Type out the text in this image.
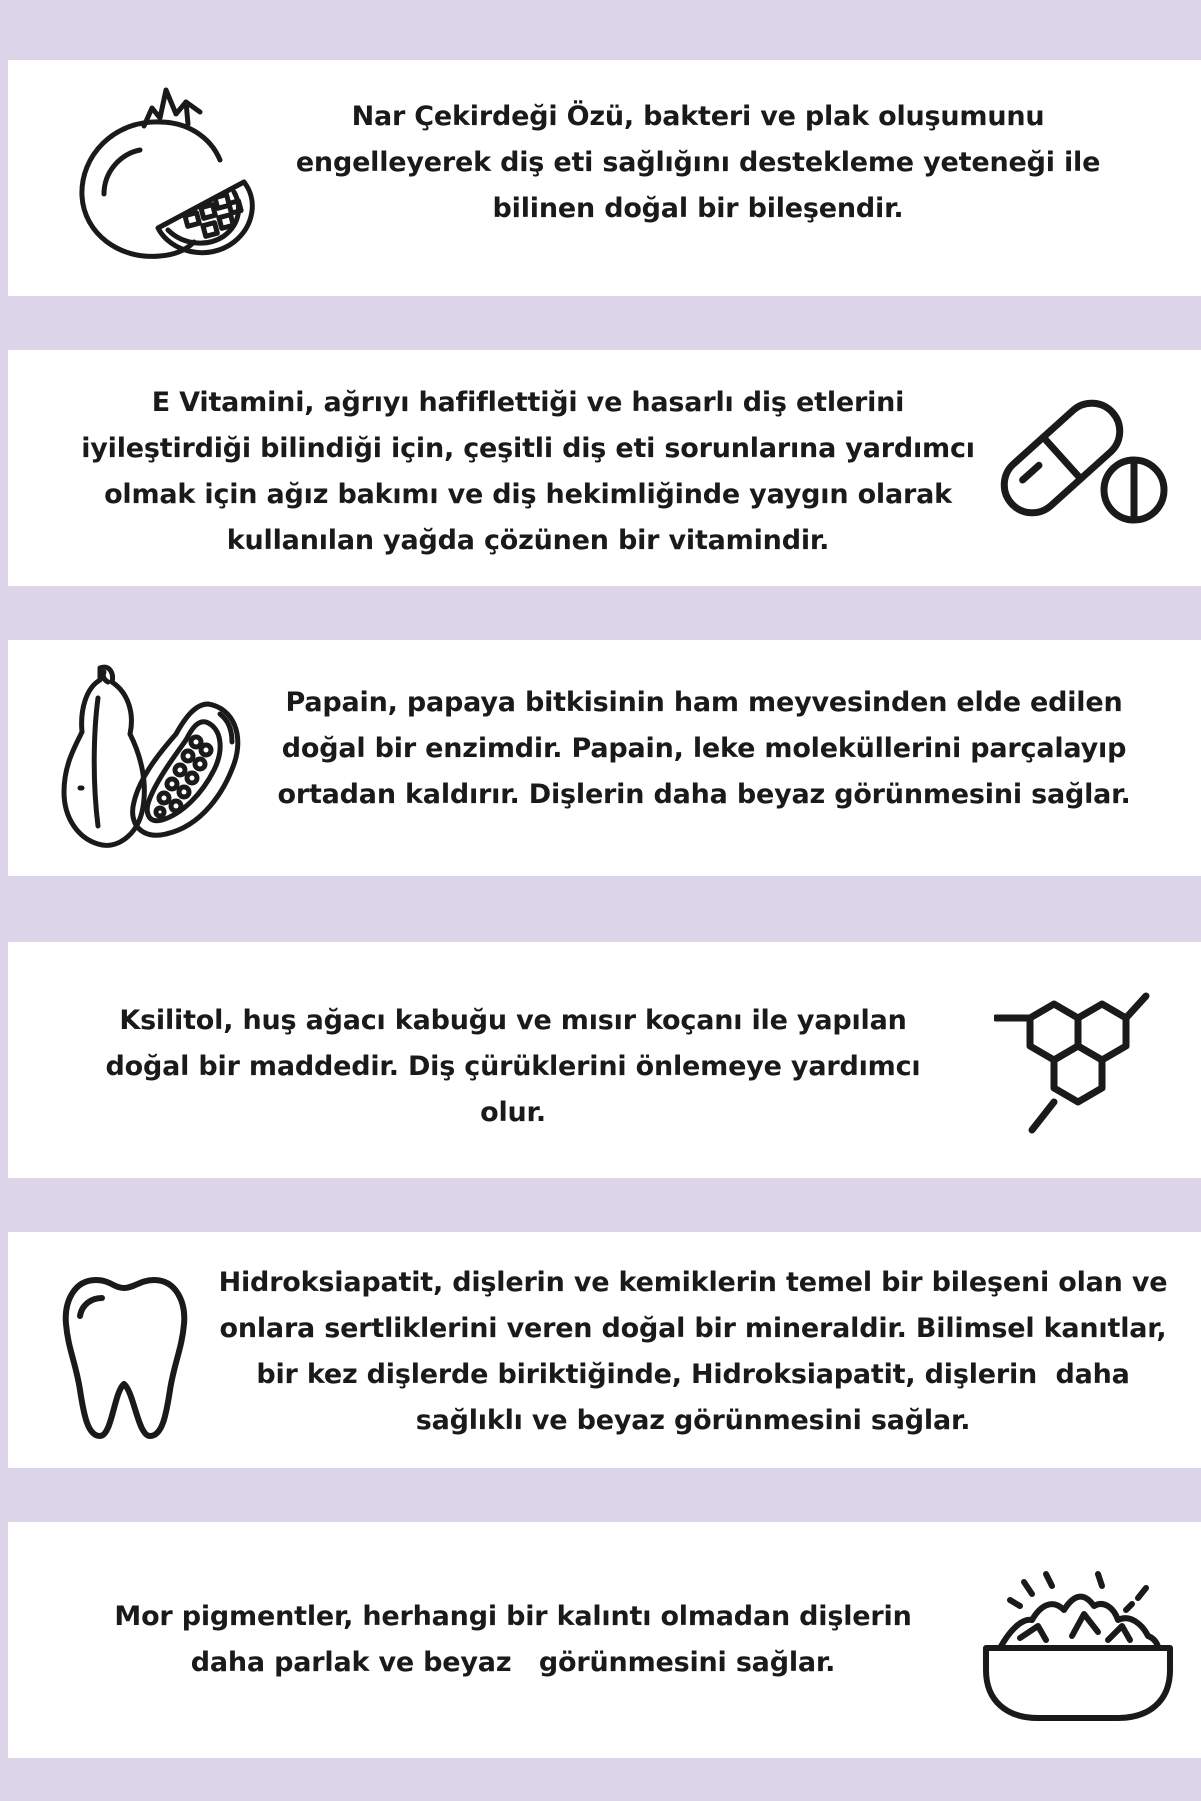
Nar Çekirdeği Özü, bakteri ve plak oluşumunu
engelleyerek diş eti sağlığını destekleme yeteneği ile
bilinen doğal bir bileşendir.
E Vitamini, ağrıyı hafiflettiği ve hasarlı diş etlerini
iyileştirdiği bilindiği için, çeşitli diş eti sorunlarına yardımcı
olmak için ağız bakımı ve diş hekimliğinde yaygın olarak
kullanılan yağda çözünen bir vitamindir.
Papain, papaya bitkisinin ham meyvesinden elde edilen
doğal bir enzimdir. Papain, leke moleküllerini parçalayıp
ortadan kaldırır. Dişlerin daha beyaz görünmesini sağlar.
Ksilitol, huş ağacı kabuğu ve mısır koçanı ile yapılan
doğal bir maddedir. Diş çürüklerini önlemeye yardımcı
olur.
Hidroksiapatit, dişlerin ve kemiklerin temel bir bileşeni olan ve
onlara sertliklerini veren doğal bir mineraldir. Bilimsel kanıtlar,
bir kez dişlerde biriktiğinde, Hidroksiapatit, dişlerin  daha
sağlıklı ve beyaz görünmesini sağlar.
Mor pigmentler, herhangi bir kalıntı olmadan dişlerin
daha parlak ve beyaz   görünmesini sağlar.
